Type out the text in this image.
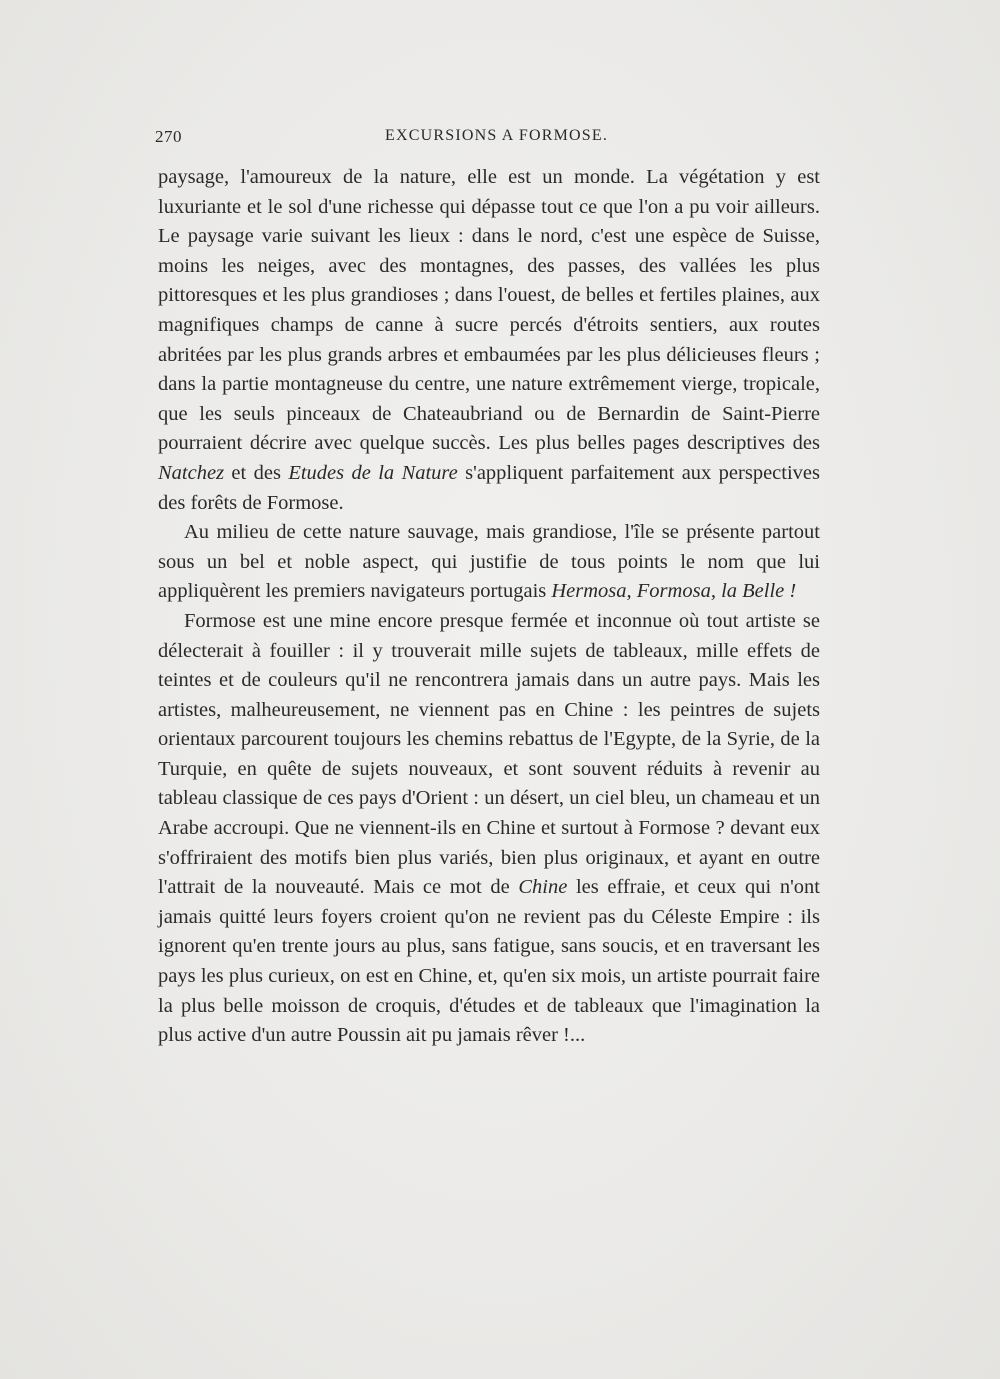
270	EXCURSIONS A FORMOSE.

paysage, l'amoureux de la nature, elle est un monde. La végétation y est luxuriante et le sol d'une richesse qui dépasse tout ce que l'on a pu voir ailleurs. Le paysage varie suivant les lieux : dans le nord, c'est une espèce de Suisse, moins les neiges, avec des montagnes, des passes, des vallées les plus pittoresques et les plus grandioses ; dans l'ouest, de belles et fertiles plaines, aux magnifiques champs de canne à sucre percés d'étroits sentiers, aux routes abritées par les plus grands arbres et embaumées par les plus délicieuses fleurs ; dans la partie montagneuse du centre, une nature extrêmement vierge, tropicale, que les seuls pinceaux de Chateaubriand ou de Bernardin de Saint-Pierre pourraient décrire avec quelque succès. Les plus belles pages descriptives des Natchez et des Etudes de la Nature s'appliquent parfaitement aux perspectives des forêts de Formose.

Au milieu de cette nature sauvage, mais grandiose, l'île se présente partout sous un bel et noble aspect, qui justifie de tous points le nom que lui appliquèrent les premiers navigateurs portugais Hermosa, Formosa, la Belle !

Formose est une mine encore presque fermée et inconnue où tout artiste se délecterait à fouiller : il y trouverait mille sujets de tableaux, mille effets de teintes et de couleurs qu'il ne rencontrera jamais dans un autre pays. Mais les artistes, malheureusement, ne viennent pas en Chine : les peintres de sujets orientaux parcourent toujours les chemins rebattus de l'Egypte, de la Syrie, de la Turquie, en quête de sujets nouveaux, et sont souvent réduits à revenir au tableau classique de ces pays d'Orient : un désert, un ciel bleu, un chameau et un Arabe accroupi. Que ne viennent-ils en Chine et surtout à Formose ? devant eux s'offriraient des motifs bien plus variés, bien plus originaux, et ayant en outre l'attrait de la nouveauté. Mais ce mot de Chine les effraie, et ceux qui n'ont jamais quitté leurs foyers croient qu'on ne revient pas du Céleste Empire : ils ignorent qu'en trente jours au plus, sans fatigue, sans soucis, et en traversant les pays les plus curieux, on est en Chine, et, qu'en six mois, un artiste pourrait faire la plus belle moisson de croquis, d'études et de tableaux que l'imagination la plus active d'un autre Poussin ait pu jamais rêver !...
